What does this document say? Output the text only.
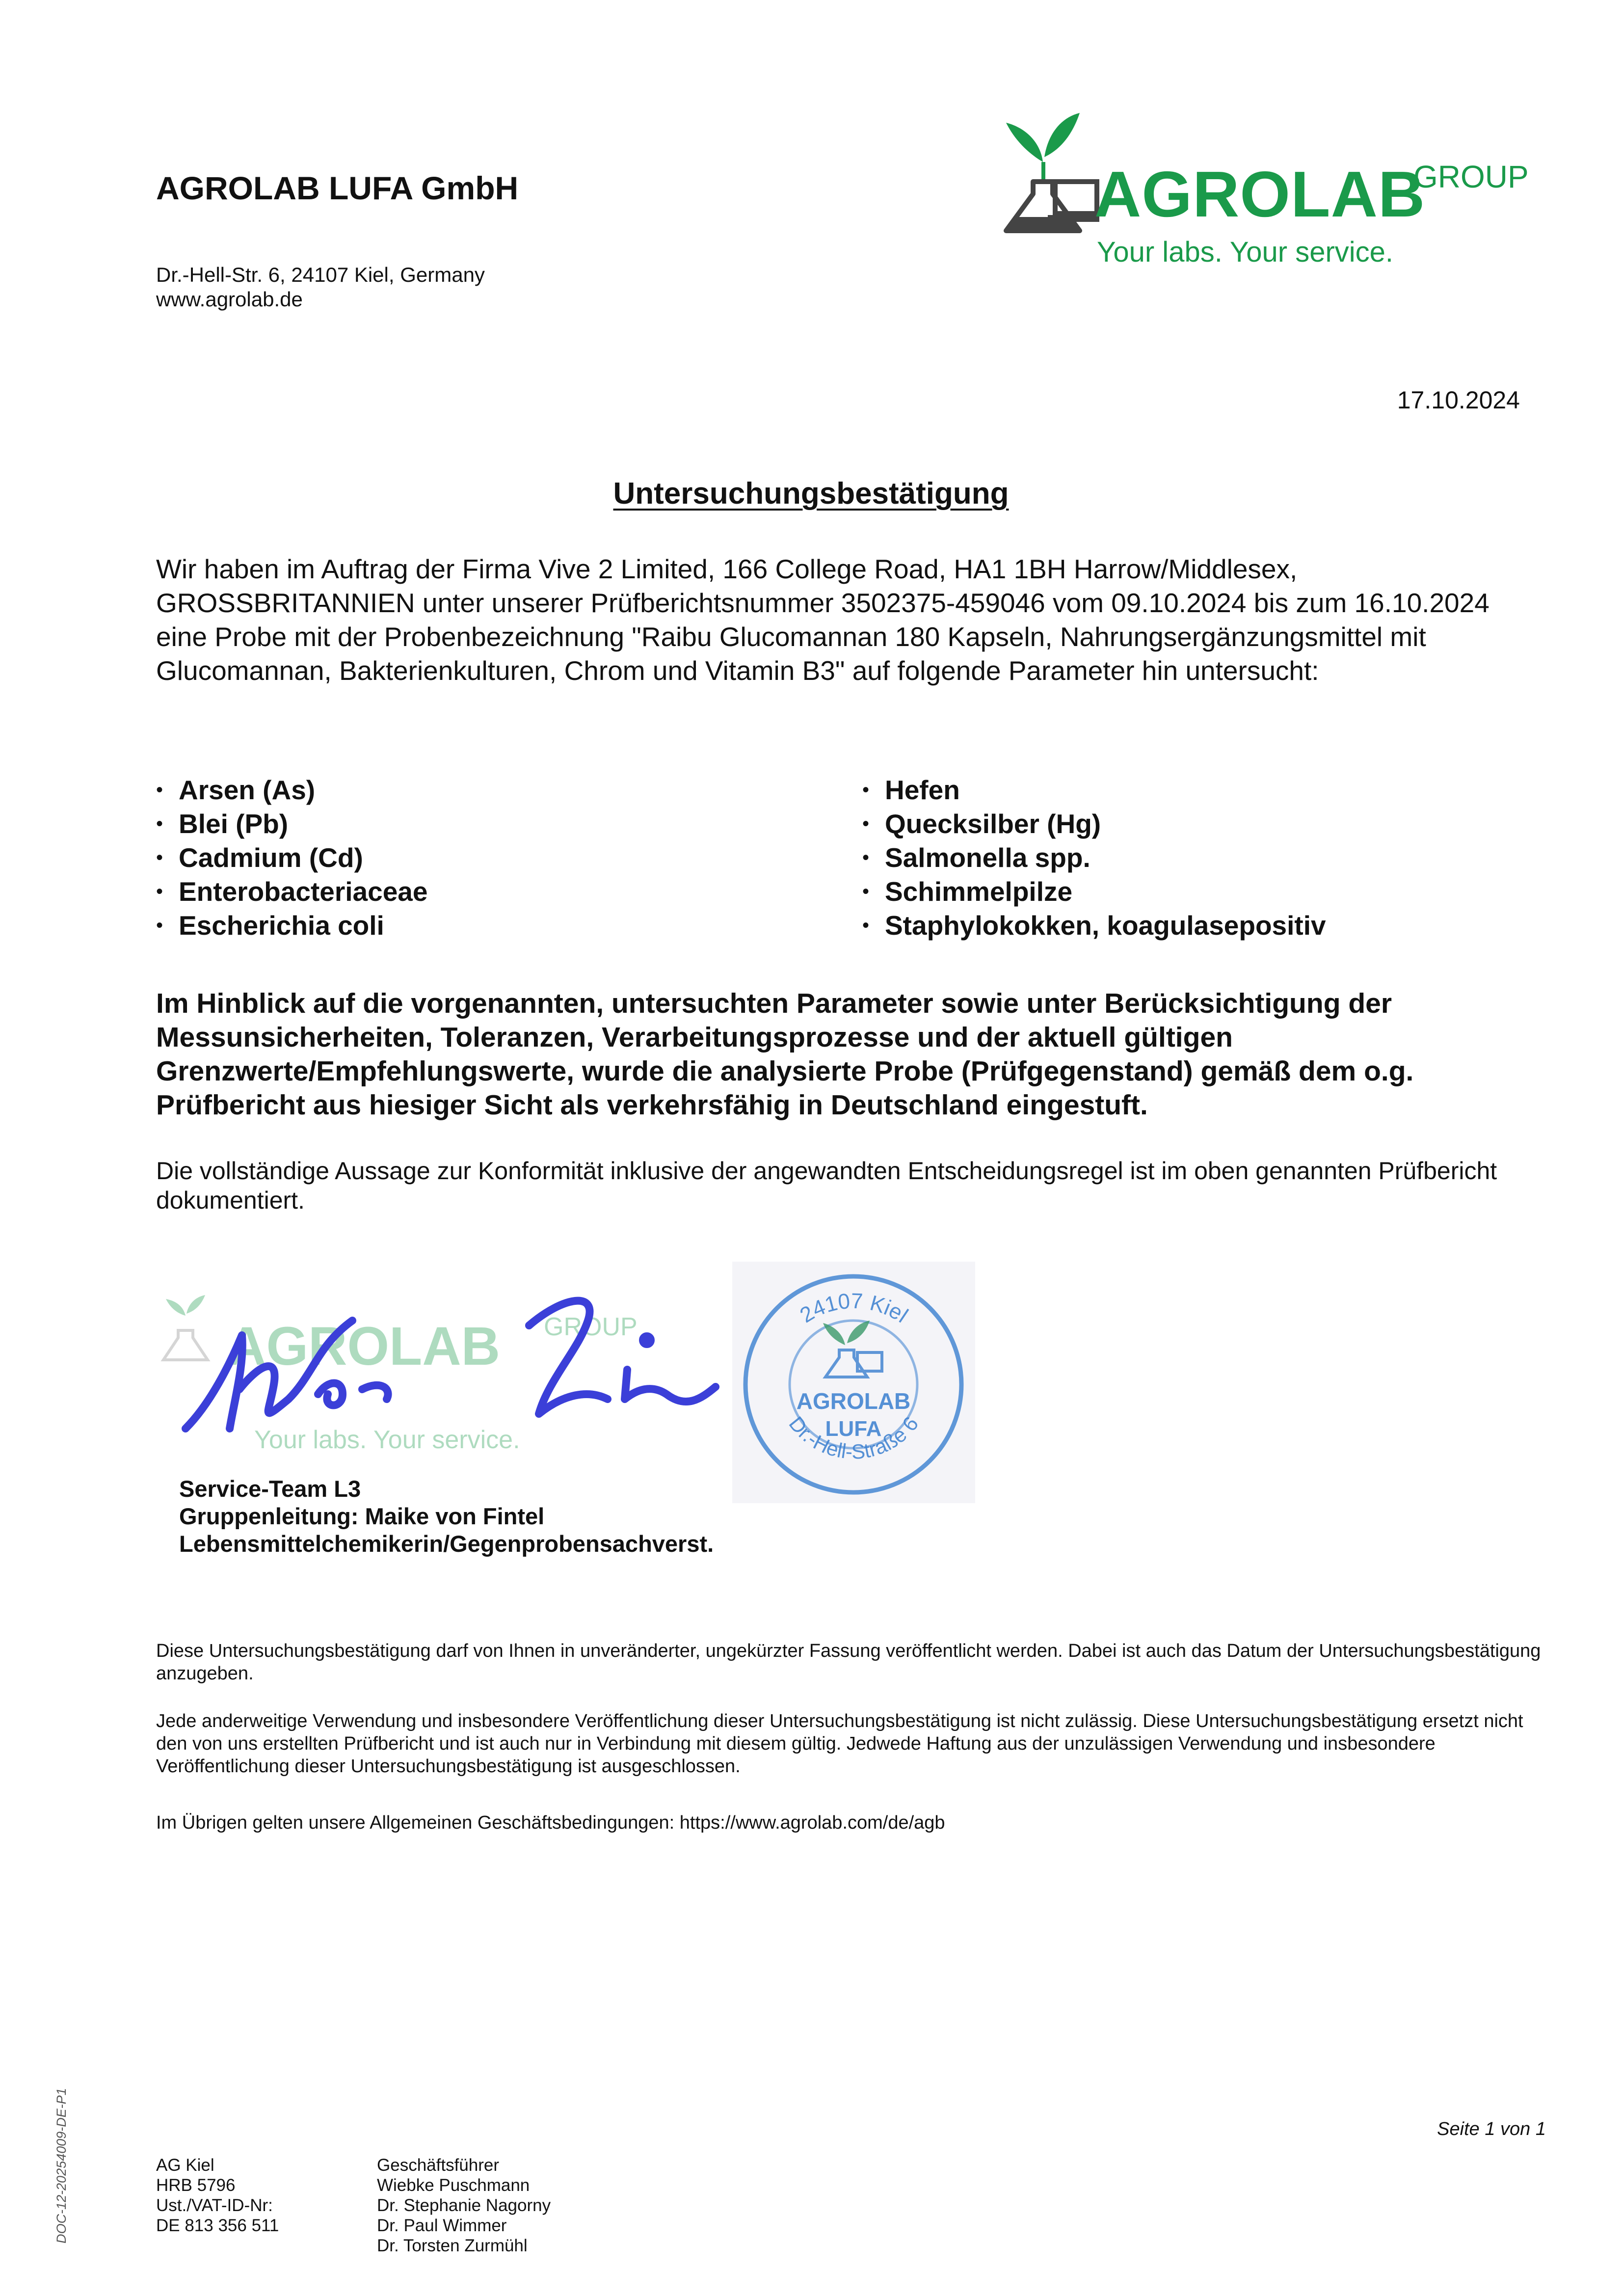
AGROLAB LUFA GmbH
Dr.-Hell-Str. 6, 24107 Kiel, Germany
www.agrolab.de
AGROLAB
GROUP
Your labs. Your service.
17.10.2024
Untersuchungsbestätigung
Wir haben im Auftrag der Firma Vive 2 Limited, 166 College Road, HA1 1BH Harrow/Middlesex, GROSSBRITANNIEN unter unserer Prüfberichtsnummer 3502375-459046 vom 09.10.2024 bis zum 16.10.2024 eine Probe mit der Probenbezeichnung "Raibu Glucomannan 180 Kapseln, Nahrungsergänzungsmittel mit Glucomannan, Bakterienkulturen, Chrom und Vitamin B3" auf folgende Parameter hin untersucht:
• Arsen (As)
• Blei (Pb)
• Cadmium (Cd)
• Enterobacteriaceae
• Escherichia coli
• Hefen
• Quecksilber (Hg)
• Salmonella spp.
• Schimmelpilze
• Staphylokokken, koagulasepositiv
Im Hinblick auf die vorgenannten, untersuchten Parameter sowie unter Berücksichtigung der Messunsicherheiten, Toleranzen, Verarbeitungsprozesse und der aktuell gültigen Grenzwerte/Empfehlungswerte, wurde die analysierte Probe (Prüfgegenstand) gemäß dem o.g. Prüfbericht aus hiesiger Sicht als verkehrsfähig in Deutschland eingestuft.
Die vollständige Aussage zur Konformität inklusive der angewandten Entscheidungsregel ist im oben genannten Prüfbericht dokumentiert.
AGROLAB GROUP
Your labs. Your service.
24107 Kiel
Dr.-Hell-Straße 6
AGROLAB
LUFA
Service-Team L3
Gruppenleitung: Maike von Fintel
Lebensmittelchemikerin/Gegenprobensachverst.
Diese Untersuchungsbestätigung darf von Ihnen in unveränderter, ungekürzter Fassung veröffentlicht werden. Dabei ist auch das Datum der Untersuchungsbestätigung anzugeben.
Jede anderweitige Verwendung und insbesondere Veröffentlichung dieser Untersuchungsbestätigung ist nicht zulässig. Diese Untersuchungsbestätigung ersetzt nicht den von uns erstellten Prüfbericht und ist auch nur in Verbindung mit diesem gültig. Jedwede Haftung aus der unzulässigen Verwendung und insbesondere Veröffentlichung dieser Untersuchungsbestätigung ist ausgeschlossen.
Im Übrigen gelten unsere Allgemeinen Geschäftsbedingungen: https://www.agrolab.com/de/agb
Seite 1 von 1
DOC-12-20254009-DE-P1	AG Kiel
HRB 5796
Ust./VAT-ID-Nr:
DE 813 356 511
Geschäftsführer
Wiebke Puschmann
Dr. Stephanie Nagorny
Dr. Paul Wimmer
Dr. Torsten Zurmühl
